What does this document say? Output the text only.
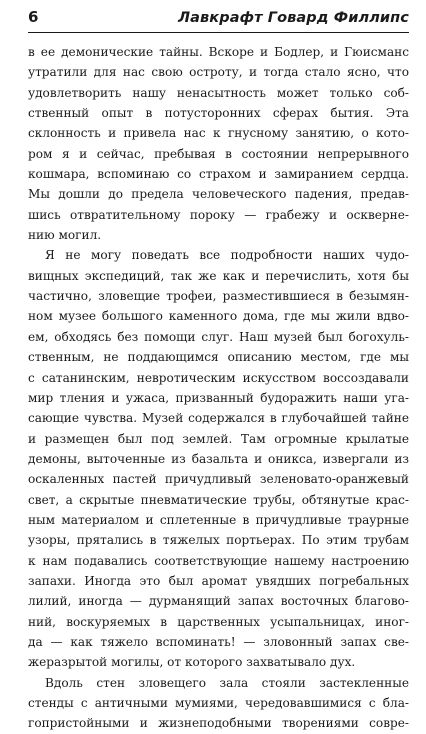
6	Лавкрафт Говард Филлипс
в ее демонические тайны. Вскоре и Бодлер, и Гюисманс
утратили для нас свою остроту, и тогда стало ясно, что
удовлетворить нашу ненасытность может только соб-
ственный опыт в потусторонних сферах бытия. Эта
склонность и привела нас к гнусному занятию, о кото-
ром я и сейчас, пребывая в состоянии непрерывного
кошмара, вспоминаю со страхом и замиранием сердца.
Мы дошли до предела человеческого падения, предав-
шись отвратительному пороку — грабежу и осквернe-
нию могил.
Я не могу поведать все подробности наших чудо-
вищных экспедиций, так же как и перечислить, хотя бы
частично, зловещие трофеи, разместившиеся в безымян-
ном музее большого каменного дома, где мы жили вдво-
ем, обходясь без помощи слуг. Наш музей был богохуль-
ственным, не поддающимся описанию местом, где мы
с сатанинским, невротическим искусством воссоздавали
мир тления и ужаса, призванный будоражить наши уга-
сающие чувства. Музей содержался в глубочайшей тайне
и размещен был под землей. Там огромные крылатые
демоны, выточенные из базальта и оникса, извергали из
оскаленных пастей причудливый зеленовато-оранжевый
свет, а скрытые пневматические трубы, обтянутые крас-
ным материалом и сплетенные в причудливые траурные
узоры, прятались в тяжелых портьерах. По этим трубам
к нам подавались соответствующие нашему настроению
запахи. Иногда это был аромат увядших погребальных
лилий, иногда — дурманящий запах восточных благово-
ний, воскуряемых в царственных усыпальницах, иног-
да — как тяжело вспоминать! — зловонный запах све-
жеразрытой могилы, от которого захватывало дух.
Вдоль стен зловещего зала стояли застекленные
стенды с античными мумиями, чередовавшимися с бла-
гопристойными и жизнеподобными творениями совре-
